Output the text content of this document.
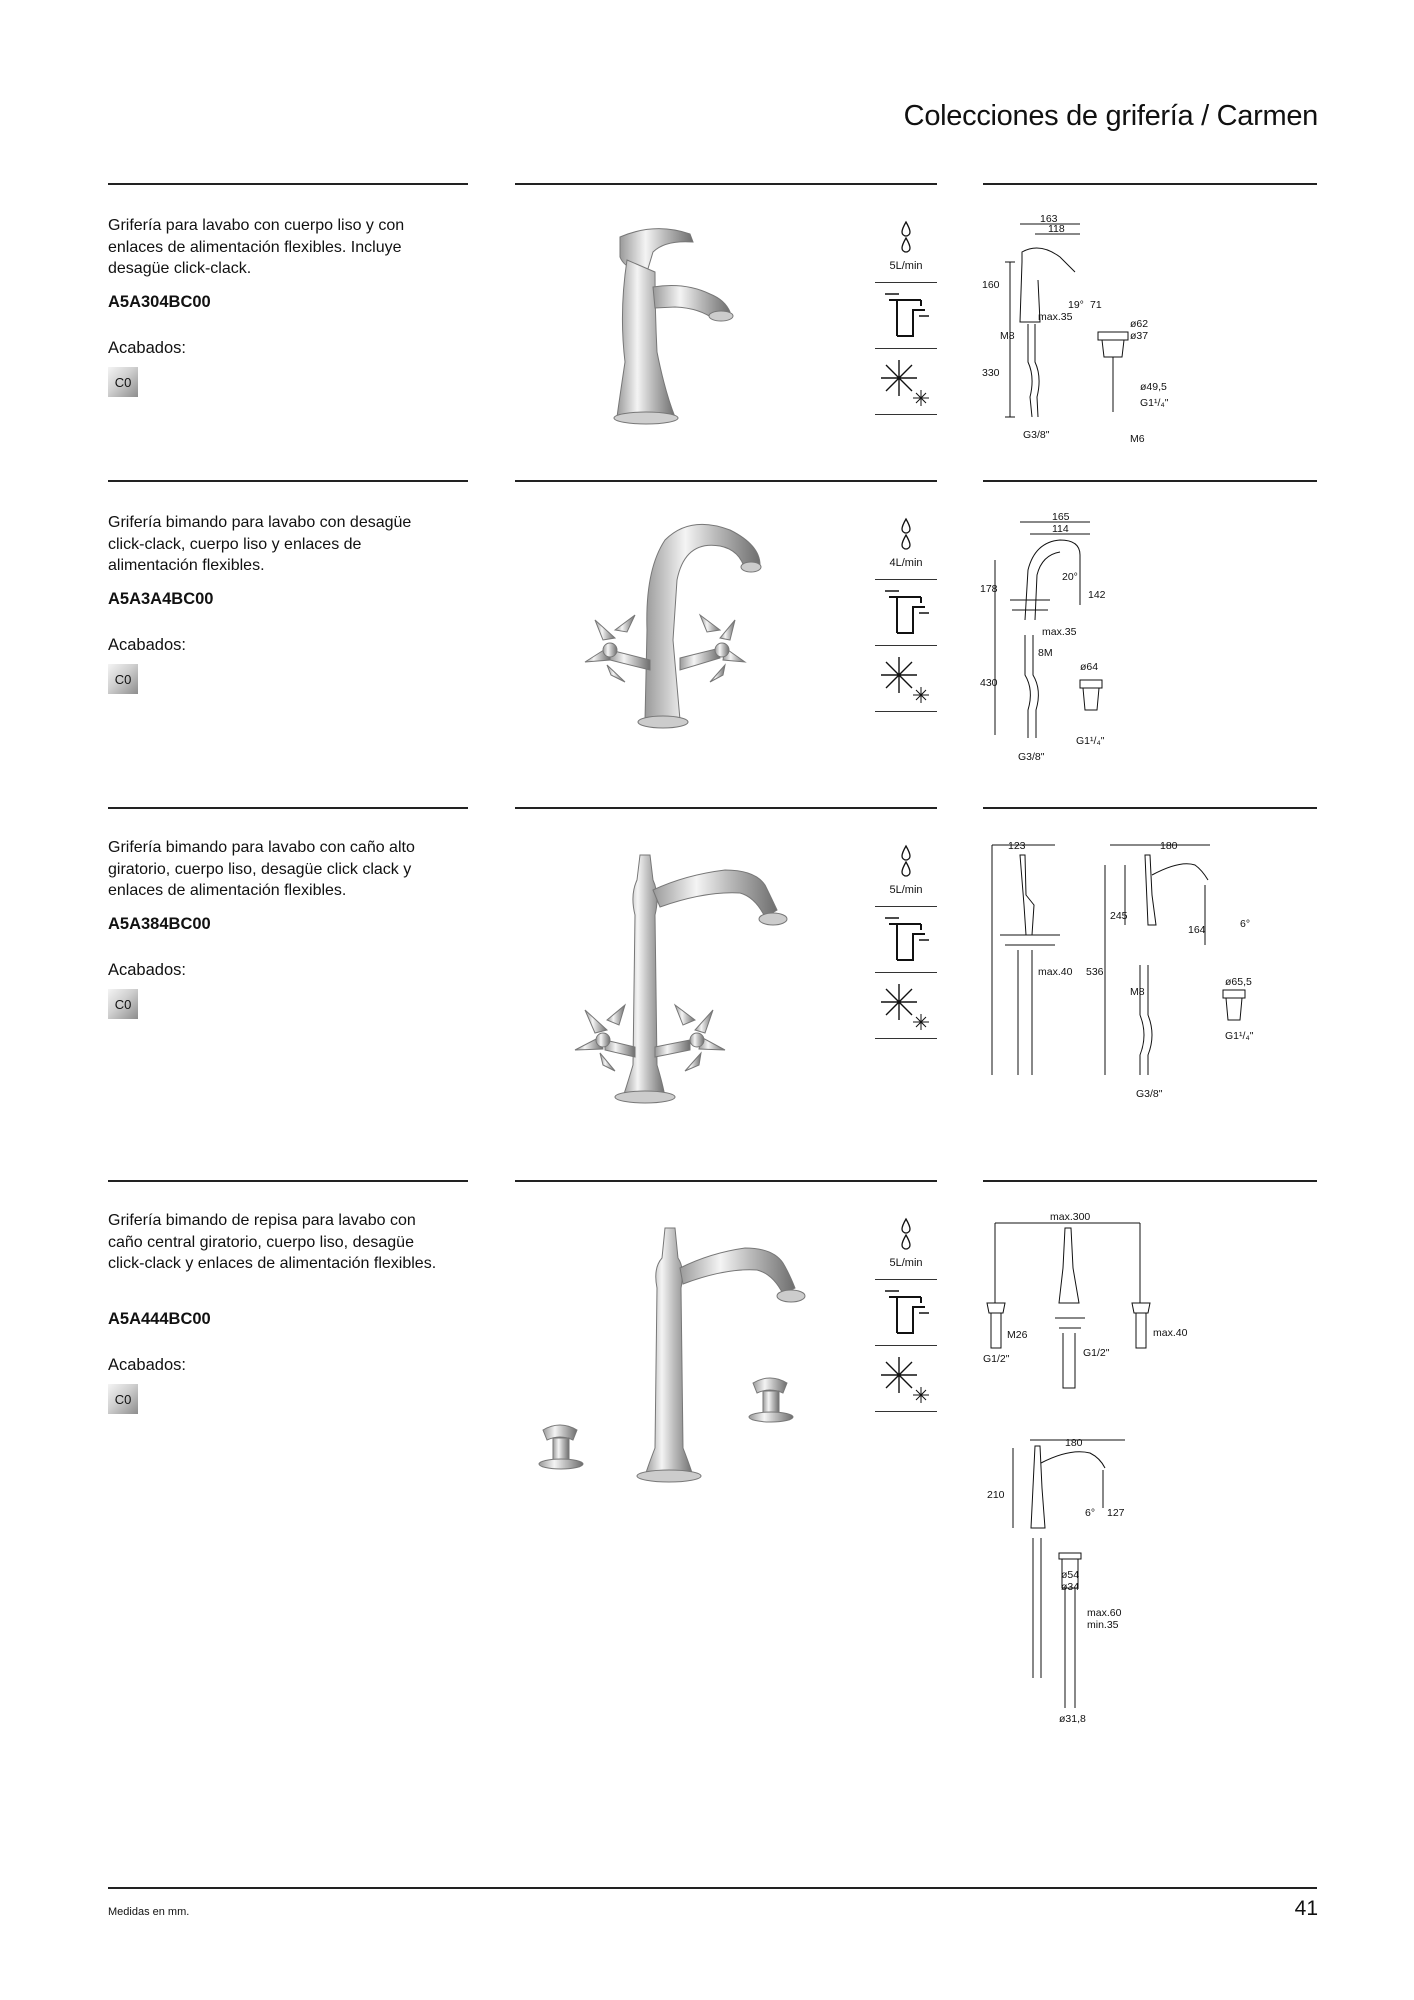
Colecciones de grifería / Carmen

Grifería para lavabo con cuerpo liso y con enlaces de alimentación flexibles. Incluye desagüe click-clack.

A5A304BC00
Acabados:
C0
5L/min
163
118
160
19° 71
max.35
M8
330
G3/8"
ø62
ø37
ø49,5
G1¹/₄"
M6

Grifería bimando para lavabo con desagüe click-clack, cuerpo liso y enlaces de alimentación flexibles.

A5A3A4BC00
Acabados:
C0
4L/min
165
114
178
20°
142
max.35
8M
430
G3/8"
ø64
G1¹/₄"

Grifería bimando para lavabo con caño alto giratorio, cuerpo liso, desagüe click clack y enlaces de alimentación flexibles.

A5A384BC00
Acabados:
C0
5L/min
123
max.40
180
245
164	6°
536
M8
ø65,5
G1¹/₄"
G3/8"

Grifería bimando de repisa para lavabo con caño central giratorio, cuerpo liso, desagüe click-clack y enlaces de alimentación flexibles.

A5A444BC00
Acabados:
C0
5L/min
max.300
M26
G1/2"	G1/2"
max.40
180
210
6° 127
ø54
ø34
max.60
min.35
ø31,8
Medidas en mm.	41
